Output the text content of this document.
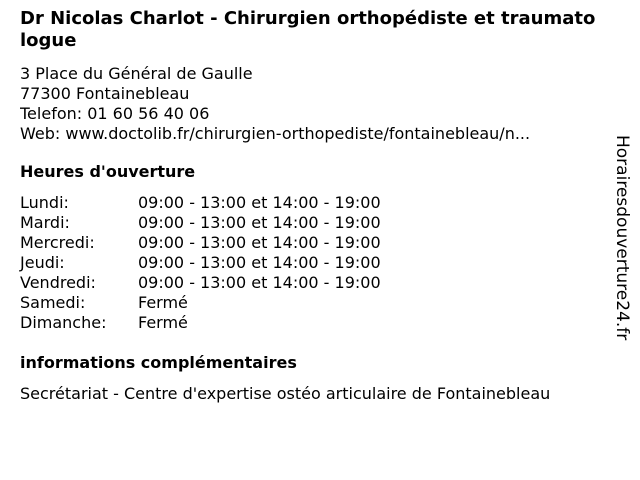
Dr Nicolas Charlot - Chirurgien orthopédiste et traumatologue
3 Place du Général de Gaulle
77300 Fontainebleau
Telefon: 01 60 56 40 06
Web: www.doctolib.fr/chirurgien-orthopediste/fontainebleau/n...
Heures d'ouverture
Lundi:	09:00 - 13:00 et 14:00 - 19:00
Mardi:	09:00 - 13:00 et 14:00 - 19:00
Mercredi:	09:00 - 13:00 et 14:00 - 19:00
Jeudi:	09:00 - 13:00 et 14:00 - 19:00
Vendredi:	09:00 - 13:00 et 14:00 - 19:00
Samedi:	Fermé
Dimanche:	Fermé
informations complémentaires
Secrétariat - Centre d'expertise ostéo articulaire de Fontainebleau
Horairesdouverture24.fr
